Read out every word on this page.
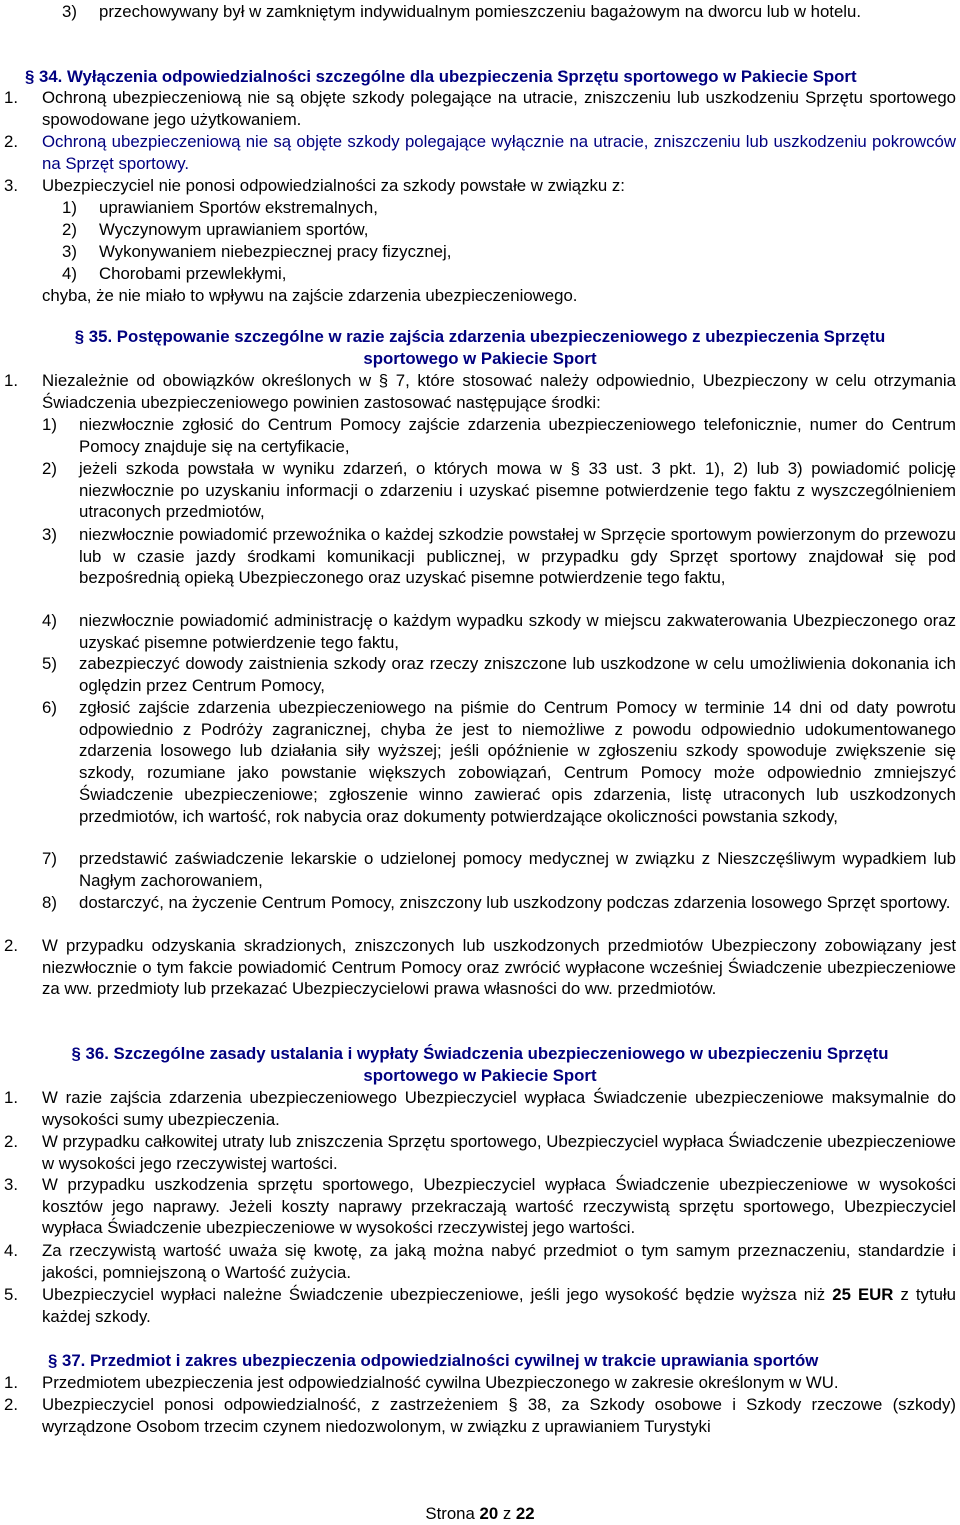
3) przechowywany był w zamkniętym indywidualnym pomieszczeniu bagażowym na dworcu lub w hotelu.

§ 34. Wyłączenia odpowiedzialności szczególne dla ubezpieczenia Sprzętu sportowego w Pakiecie Sport

1. Ochroną ubezpieczeniową nie są objęte szkody polegające na utracie, zniszczeniu lub uszkodzeniu Sprzętu sportowego spowodowane jego użytkowaniem.

2. Ochroną ubezpieczeniową nie są objęte szkody polegające wyłącznie na utracie, zniszczeniu lub uszkodzeniu pokrowców na Sprzęt sportowy.

3. Ubezpieczyciel nie ponosi odpowiedzialności za szkody powstałe w związku z:

1) uprawianiem Sportów ekstremalnych,

2) Wyczynowym uprawianiem sportów,

3) Wykonywaniem niebezpiecznej pracy fizycznej,

4) Chorobami przewlekłymi,

chyba, że nie miało to wpływu na zajście zdarzenia ubezpieczeniowego.

§ 35. Postępowanie szczególne w razie zajścia zdarzenia ubezpieczeniowego z ubezpieczenia Sprzętu

sportowego w Pakiecie Sport

1. Niezależnie od obowiązków określonych w § 7, które stosować należy odpowiednio, Ubezpieczony w celu otrzymania Świadczenia ubezpieczeniowego powinien zastosować następujące środki:

1) niezwłocznie zgłosić do Centrum Pomocy zajście zdarzenia ubezpieczeniowego telefonicznie, numer do Centrum Pomocy znajduje się na certyfikacie,

2) jeżeli szkoda powstała w wyniku zdarzeń, o których mowa w § 33 ust. 3 pkt. 1), 2) lub 3) powiadomić policję niezwłocznie po uzyskaniu informacji o zdarzeniu i uzyskać pisemne potwierdzenie tego faktu z wyszczególnieniem utraconych przedmiotów,

3) niezwłocznie powiadomić przewoźnika o każdej szkodzie powstałej w Sprzęcie sportowym powierzonym do przewozu lub w czasie jazdy środkami komunikacji publicznej, w przypadku gdy Sprzęt sportowy znajdował się pod bezpośrednią opieką Ubezpieczonego oraz uzyskać pisemne potwierdzenie tego faktu,

4) niezwłocznie powiadomić administrację o każdym wypadku szkody w miejscu zakwaterowania Ubezpieczonego oraz uzyskać pisemne potwierdzenie tego faktu,

5) zabezpieczyć dowody zaistnienia szkody oraz rzeczy zniszczone lub uszkodzone w celu umożliwienia dokonania ich oględzin przez Centrum Pomocy,

6) zgłosić zajście zdarzenia ubezpieczeniowego na piśmie do Centrum Pomocy w terminie 14 dni od daty powrotu odpowiednio z Podróży zagranicznej, chyba że jest to niemożliwe z powodu odpowiednio udokumentowanego zdarzenia losowego lub działania siły wyższej; jeśli opóźnienie w zgłoszeniu szkody spowoduje zwiększenie się szkody, rozumiane jako powstanie większych zobowiązań, Centrum Pomocy może odpowiednio zmniejszyć Świadczenie ubezpieczeniowe; zgłoszenie winno zawierać opis zdarzenia, listę utraconych lub uszkodzonych przedmiotów, ich wartość, rok nabycia oraz dokumenty potwierdzające okoliczności powstania szkody,

7) przedstawić zaświadczenie lekarskie o udzielonej pomocy medycznej w związku z Nieszczęśliwym wypadkiem lub Nagłym zachorowaniem,

8) dostarczyć, na życzenie Centrum Pomocy, zniszczony lub uszkodzony podczas zdarzenia losowego Sprzęt sportowy.

2. W przypadku odzyskania skradzionych, zniszczonych lub uszkodzonych przedmiotów Ubezpieczony zobowiązany jest niezwłocznie o tym fakcie powiadomić Centrum Pomocy oraz zwrócić wypłacone wcześniej Świadczenie ubezpieczeniowe za ww. przedmioty lub przekazać Ubezpieczycielowi prawa własności do ww. przedmiotów.

§ 36. Szczególne zasady ustalania i wypłaty Świadczenia ubezpieczeniowego w ubezpieczeniu Sprzętu

sportowego w Pakiecie Sport

1. W razie zajścia zdarzenia ubezpieczeniowego Ubezpieczyciel wypłaca Świadczenie ubezpieczeniowe maksymalnie do wysokości sumy ubezpieczenia.

2. W przypadku całkowitej utraty lub zniszczenia Sprzętu sportowego, Ubezpieczyciel wypłaca Świadczenie ubezpieczeniowe w wysokości jego rzeczywistej wartości.

3. W przypadku uszkodzenia sprzętu sportowego, Ubezpieczyciel wypłaca Świadczenie ubezpieczeniowe w wysokości kosztów jego naprawy. Jeżeli koszty naprawy przekraczają wartość rzeczywistą sprzętu sportowego, Ubezpieczyciel wypłaca Świadczenie ubezpieczeniowe w wysokości rzeczywistej jego wartości.

4. Za rzeczywistą wartość uważa się kwotę, za jaką można nabyć przedmiot o tym samym przeznaczeniu, standardzie i jakości, pomniejszoną o Wartość zużycia.

5. Ubezpieczyciel wypłaci należne Świadczenie ubezpieczeniowe, jeśli jego wysokość będzie wyższa niż 25 EUR z tytułu każdej szkody.

§ 37. Przedmiot i zakres ubezpieczenia odpowiedzialności cywilnej w trakcie uprawiania sportów

1. Przedmiotem ubezpieczenia jest odpowiedzialność cywilna Ubezpieczonego w zakresie określonym w WU.

2. Ubezpieczyciel ponosi odpowiedzialność, z zastrzeżeniem § 38, za Szkody osobowe i Szkody rzeczowe (szkody) wyrządzone Osobom trzecim czynem niedozwolonym, w związku z uprawianiem Turystyki

Strona 20 z 22
